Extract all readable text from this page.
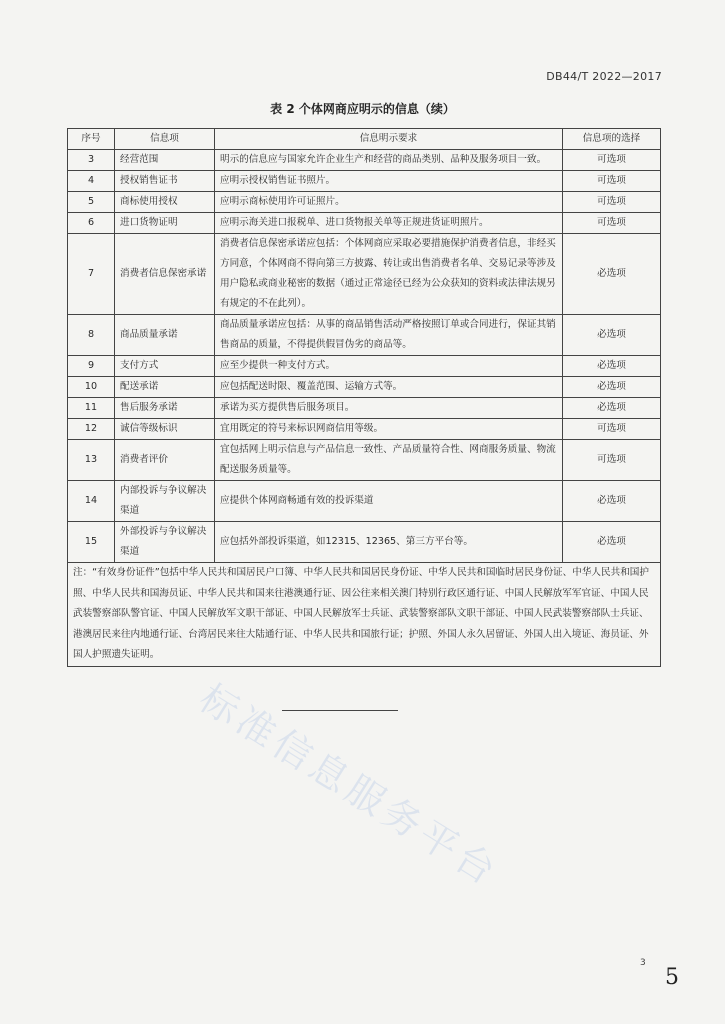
DB44/T 2022—2017
表 2 个体网商应明示的信息（续）
序号	信息项	信息明示要求	信息项的选择
3	经营范围	明示的信息应与国家允许企业生产和经营的商品类别、品种及服务项目一致。	可选项
4	授权销售证书	应明示授权销售证书照片。	可选项
5	商标使用授权	应明示商标使用许可证照片。	可选项
6	进口货物证明	应明示海关进口报税单、进口货物报关单等正规进货证明照片。	可选项
7	消费者信息保密承诺	消费者信息保密承诺应包括：个体网商应采取必要措施保护消费者信息，非经买方同意，个体网商不得向第三方披露、转让或出售消费者名单、交易记录等涉及用户隐私或商业秘密的数据（通过正常途径已经为公众获知的资料或法律法规另有规定的不在此列）。	必选项
8	商品质量承诺	商品质量承诺应包括：从事的商品销售活动严格按照订单或合同进行，保证其销售商品的质量，不得提供假冒伪劣的商品等。	必选项
9	支付方式	应至少提供一种支付方式。	必选项
10	配送承诺	应包括配送时限、覆盖范围、运输方式等。	必选项
11	售后服务承诺	承诺为买方提供售后服务项目。	必选项
12	诚信等级标识	宜用既定的符号来标识网商信用等级。	可选项
13	消费者评价	宜包括网上明示信息与产品信息一致性、产品质量符合性、网商服务质量、物流配送服务质量等。	可选项
14	内部投诉与争议解决渠道	应提供个体网商畅通有效的投诉渠道	必选项
15	外部投诉与争议解决渠道	应包括外部投诉渠道，如12315、12365、第三方平台等。	必选项
注：“有效身份证件”包括中华人民共和国居民户口簿、中华人民共和国居民身份证、中华人民共和国临时居民身份证、中华人民共和国护照、中华人民共和国海员证、中华人民共和国来往港澳通行证、因公往来相关澳门特别行政区通行证、中国人民解放军军官证、中国人民武装警察部队警官证、中国人民解放军文职干部证、中国人民解放军士兵证、武装警察部队文职干部证、中国人民武装警察部队士兵证、港澳居民来往内地通行证、台湾居民来往大陆通行证、中华人民共和国旅行证；护照、外国人永久居留证、外国人出入境证、海员证、外国人护照遗失证明。			
标准信息服务平台
3
5
